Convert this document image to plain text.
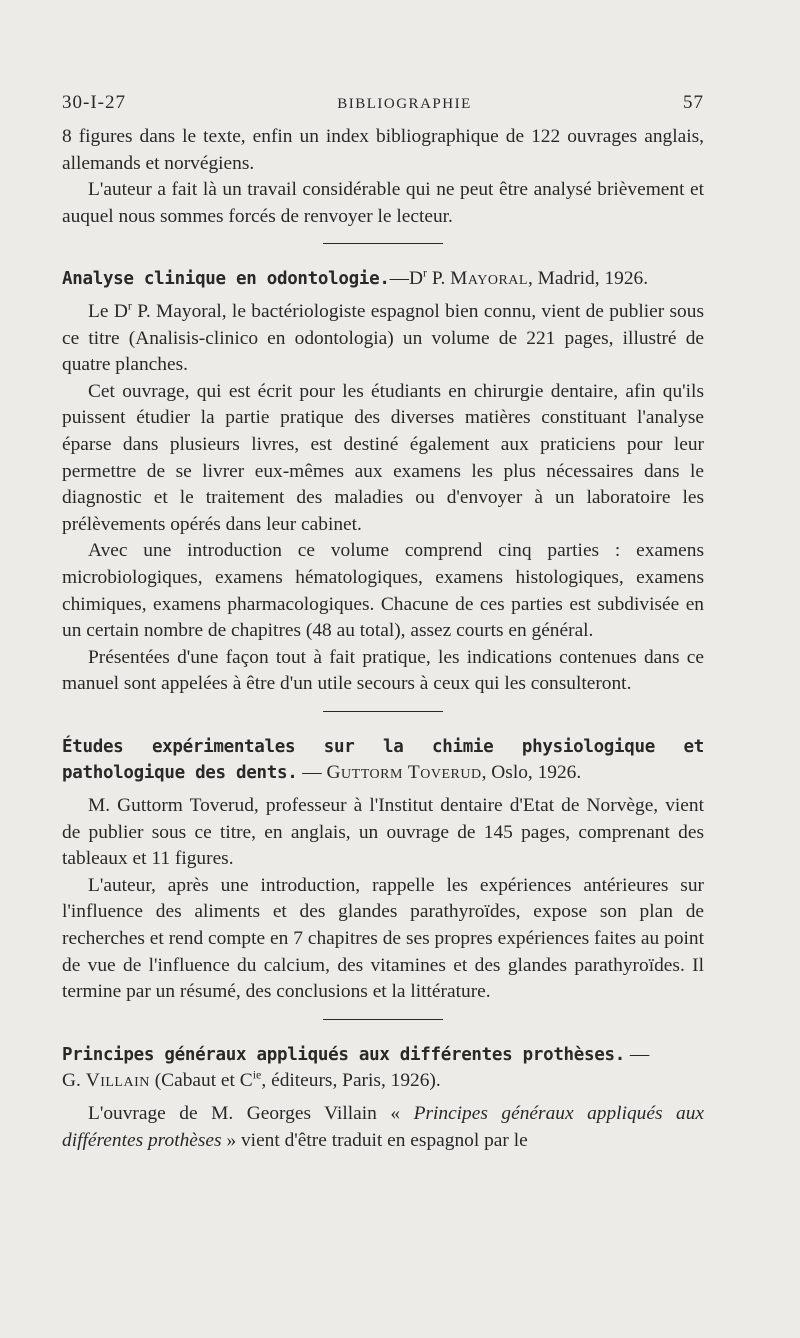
30-I-27	BIBLIOGRAPHIE	57

8 figures dans le texte, enfin un index bibliographique de 122 ouvrages anglais, allemands et norvégiens.

L'auteur a fait là un travail considérable qui ne peut être analysé brièvement et auquel nous sommes forcés de renvoyer le lecteur.

Analyse clinique en $odontologie.—D^r$ P. Mayoral, Madrid, 1926.

Le $D^r$ P. Mayoral, le bactériologiste espagnol bien connu, vient de publier sous ce titre (Analisis-clinico en odontologia) un volume de 221 pages, illustré de quatre planches.

Cet ouvrage, qui est écrit pour les étudiants en chirurgie dentaire, afin qu'ils puissent étudier la partie pratique des diverses matières constituant l'analyse éparse dans plusieurs livres, est destiné également aux praticiens pour leur permettre de se livrer eux-mêmes aux examens les plus nécessaires dans le diagnostic et le traitement des maladies ou d'envoyer à un laboratoire les prélèvements opérés dans leur cabinet.

Avec une introduction ce volume comprend cinq parties : examens microbiologiques, examens hématologiques, examens histologiques, examens chimiques, examens pharmacologiques. Chacune de ces parties est subdivisée en un certain nombre de chapitres (48 au total), assez courts en général.

Présentées d'une façon tout à fait pratique, les indications contenues dans ce manuel sont appelées à être d'un utile secours à ceux qui les consulteront.

Études expérimentales sur la chimie physiologique et pathologique des dents. — Guttorm Toverud, Oslo, 1926.

M. Guttorm Toverud, professeur à l'Institut dentaire d'Etat de Norvège, vient de publier sous ce titre, en anglais, un ouvrage de 145 pages, comprenant des tableaux et 11 figures.

L'auteur, après une introduction, rappelle les expériences antérieures sur l'influence des aliments et des glandes parathyroïdes, expose son plan de recherches et rend compte en 7 chapitres de ses propres expériences faites au point de vue de l'influence du calcium, des vitamines et des glandes parathyroïdes. Il termine par un résumé, des conclusions et la littérature.

Principes généraux appliqués aux différentes prothèses. —
G. Villain (Cabaut et $C^{ie}$, éditeurs, Paris, 1926).

L'ouvrage de M. Georges Villain « Principes généraux appliqués aux différentes prothèses » vient d'être traduit en espagnol par le
